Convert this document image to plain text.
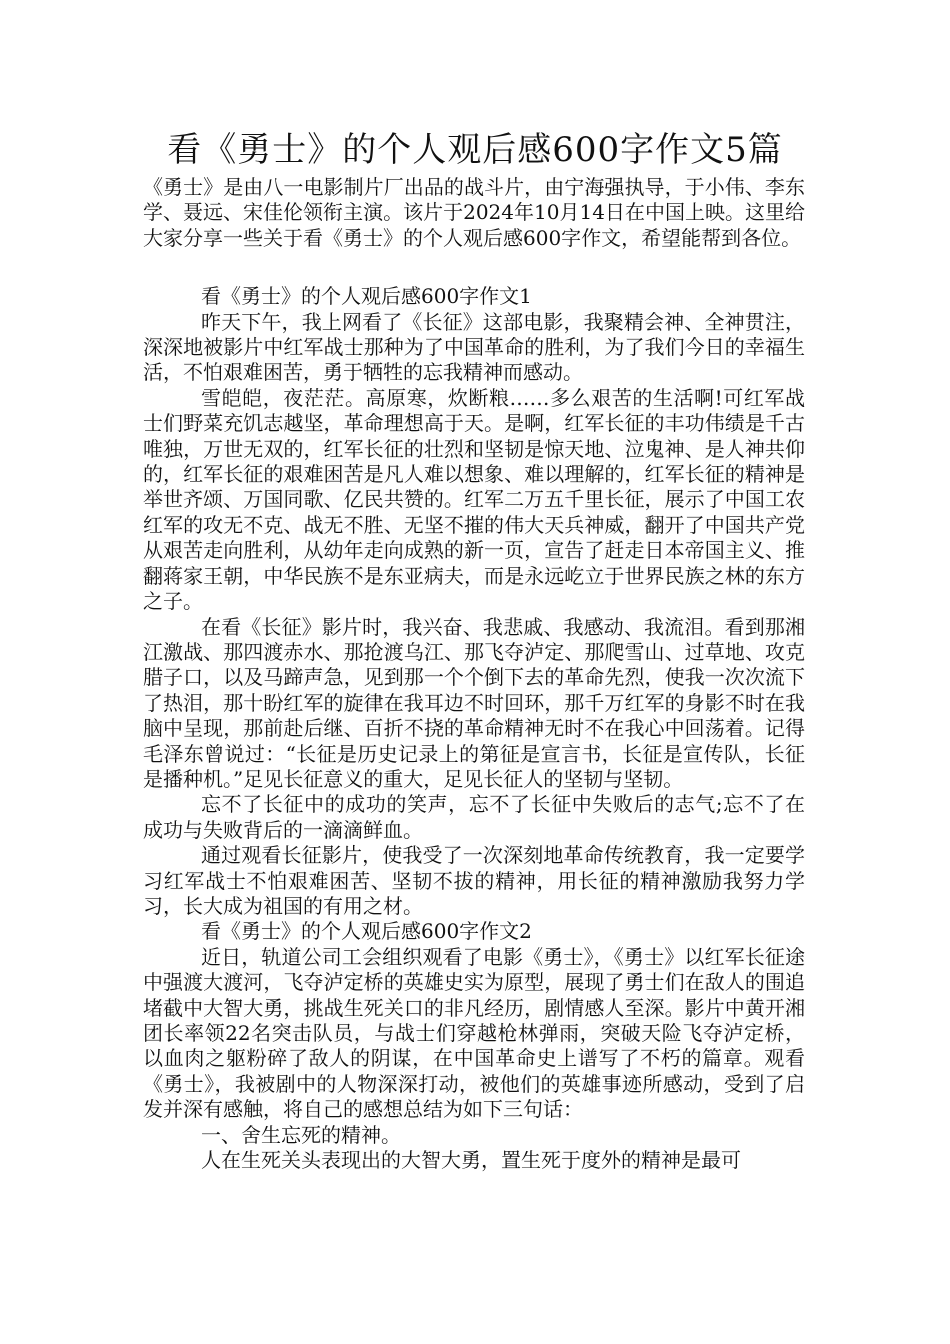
看《勇士》的个人观后感600字作文5篇

《勇士》是由八一电影制片厂出品的战斗片，由宁海强执导，于小伟、李东学、聂远、宋佳伦领衔主演。该片于2024年10月14日在中国上映。这里给大家分享一些关于看《勇士》的个人观后感600字作文，希望能帮到各位。

看《勇士》的个人观后感600字作文1

昨天下午，我上网看了《长征》这部电影，我聚精会神、全神贯注，深深地被影片中红军战士那种为了中国革命的胜利，为了我们今日的幸福生活，不怕艰难困苦，勇于牺牲的忘我精神而感动。

雪皑皑，夜茫茫。高原寒，炊断粮……多么艰苦的生活啊!可红军战士们野菜充饥志越坚，革命理想高于天。是啊，红军长征的丰功伟绩是千古唯独，万世无双的，红军长征的壮烈和坚韧是惊天地、泣鬼神、是人神共仰的，红军长征的艰难困苦是凡人难以想象、难以理解的，红军长征的精神是举世齐颂、万国同歌、亿民共赞的。红军二万五千里长征，展示了中国工农红军的攻无不克、战无不胜、无坚不摧的伟大天兵神威，翻开了中国共产党从艰苦走向胜利，从幼年走向成熟的新一页，宣告了赶走日本帝国主义、推翻蒋家王朝，中华民族不是东亚病夫，而是永远屹立于世界民族之林的东方之子。

在看《长征》影片时，我兴奋、我悲戚、我感动、我流泪。看到那湘江激战、那四渡赤水、那抢渡乌江、那飞夺泸定、那爬雪山、过草地、攻克腊子口，以及马蹄声急，见到那一个个倒下去的革命先烈，使我一次次流下了热泪，那十盼红军的旋律在我耳边不时回环，那千万红军的身影不时在我脑中呈现，那前赴后继、百折不挠的革命精神无时不在我心中回荡着。记得毛泽东曾说过：“长征是历史记录上的第征是宣言书，长征是宣传队，长征是播种机。”足见长征意义的重大，足见长征人的坚韧与坚韧。

忘不了长征中的成功的笑声，忘不了长征中失败后的志气;忘不了在成功与失败背后的一滴滴鲜血。

通过观看长征影片，使我受了一次深刻地革命传统教育，我一定要学习红军战士不怕艰难困苦、坚韧不拔的精神，用长征的精神激励我努力学习，长大成为祖国的有用之材。

看《勇士》的个人观后感600字作文2

近日，轨道公司工会组织观看了电影《勇士》，《勇士》以红军长征途中强渡大渡河，飞夺泸定桥的英雄史实为原型，展现了勇士们在敌人的围追堵截中大智大勇，挑战生死关口的非凡经历，剧情感人至深。影片中黄开湘团长率领22名突击队员，与战士们穿越枪林弹雨，突破天险飞夺泸定桥，以血肉之躯粉碎了敌人的阴谋，在中国革命史上谱写了不朽的篇章。观看《勇士》，我被剧中的人物深深打动，被他们的英雄事迹所感动，受到了启发并深有感触，将自己的感想总结为如下三句话：

一、舍生忘死的精神。

人在生死关头表现出的大智大勇，置生死于度外的精神是最可
